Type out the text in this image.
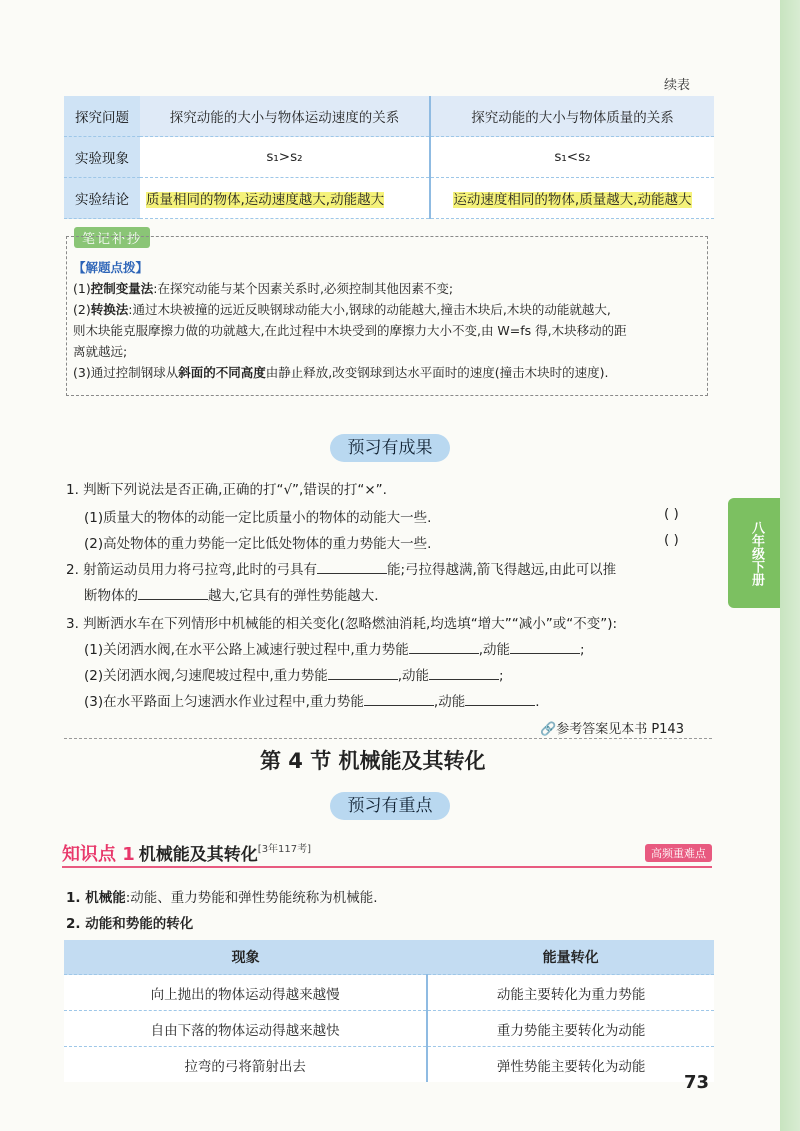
八年级下册
续表
探究问题	探究动能的大小与物体运动速度的关系	探究动能的大小与物体质量的关系
实验现象	s₁>s₂	s₁<s₂
实验结论	质量相同的物体,运动速度越大,动能越大	运动速度相同的物体,质量越大,动能越大
笔记补抄

【解题点拨】

(1)控制变量法:在探究动能与某个因素关系时,必须控制其他因素不变;

(2)转换法:通过木块被撞的远近反映钢球动能大小,钢球的动能越大,撞击木块后,木块的动能就越大,

则木块能克服摩擦力做的功就越大,在此过程中木块受到的摩擦力大小不变,由 W=fs 得,木块移动的距

离就越远;

(3)通过控制钢球从斜面的不同高度由静止释放,改变钢球到达水平面时的速度(撞击木块时的速度).

预习有成果
1. 判断下列说法是否正确,正确的打“√”,错误的打“×”.
(1)质量大的物体的动能一定比质量小的物体的动能大一些.	( )
(2)高处物体的重力势能一定比低处物体的重力势能大一些.	( )
2. 射箭运动员用力将弓拉弯,此时的弓具有	能;弓拉得越满,箭飞得越远,由此可以推
断物体的	越大,它具有的弹性势能越大.
3. 判断洒水车在下列情形中机械能的相关变化(忽略燃油消耗,均选填“增大”“减小”或“不变”):
(1)关闭洒水阀,在水平公路上减速行驶过程中,重力势能	,动能	;
(2)关闭洒水阀,匀速爬坡过程中,重力势能	,动能	;
(3)在水平路面上匀速洒水作业过程中,重力势能	,动能	.
🔗参考答案见本书 P143
第 4 节 机械能及其转化
预习有重点
知识点 1 机械能及其转化[3年117考]	高频重难点
1. 机械能:动能、重力势能和弹性势能统称为机械能.
2. 动能和势能的转化
现象	能量转化
向上抛出的物体运动得越来越慢	动能主要转化为重力势能
自由下落的物体运动得越来越快	重力势能主要转化为动能
拉弯的弓将箭射出去	弹性势能主要转化为动能
73
